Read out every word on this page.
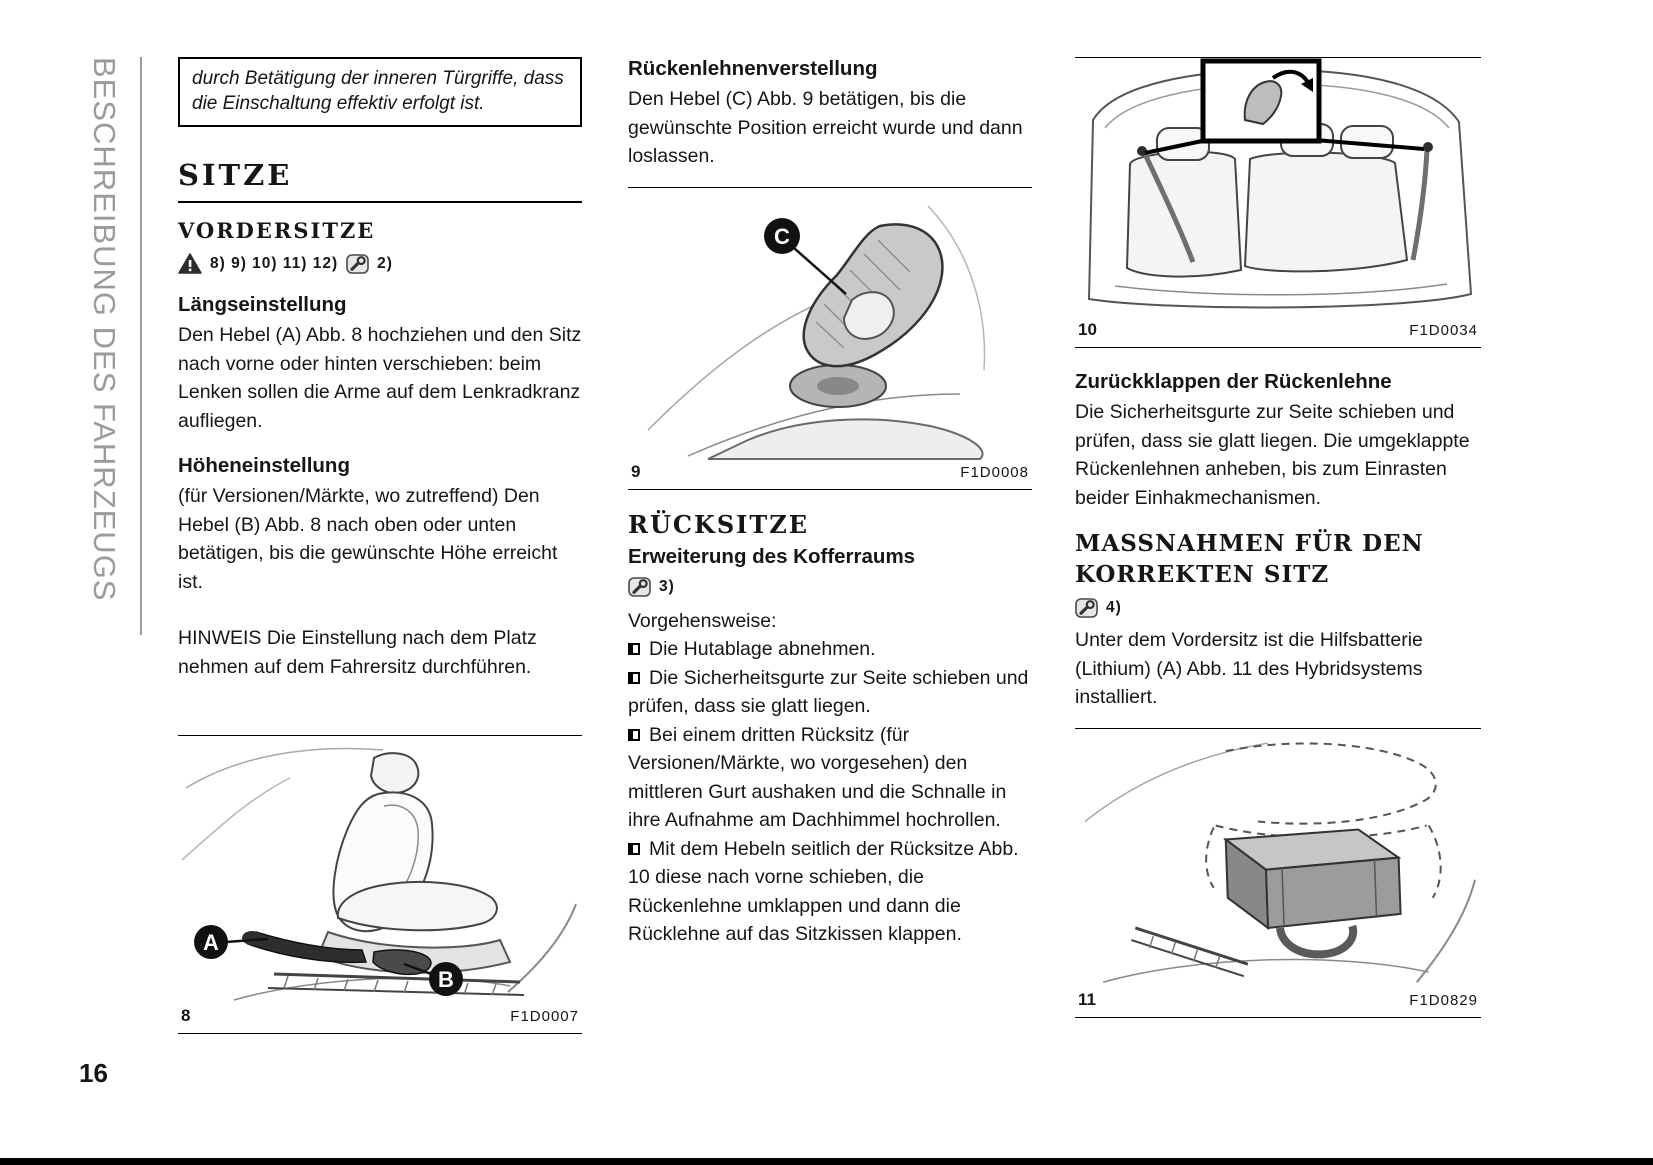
BESCHREIBUNG DES FAHRZEUGS	durch Betätigung der inneren Türgriffe, dass die Einschaltung effektiv erfolgt ist.
SITZE
VORDERSITZE
8) 9) 10) 11) 12)	2)
Längseinstellung

Den Hebel (A) Abb. 8 hochziehen und den Sitz nach vorne oder hinten verschieben: beim Lenken sollen die Arme auf dem Lenkradkranz aufliegen.

Höheneinstellung

(für Versionen/Märkte, wo zutreffend) Den Hebel (B) Abb. 8 nach oben oder unten betätigen, bis die gewünschte Höhe erreicht ist.

HINWEIS Die Einstellung nach dem Platz nehmen auf dem Fahrersitz durchführen.

A
B
8	F1D0007
Rückenlehnenverstellung

Den Hebel (C) Abb. 9 betätigen, bis die gewünschte Position erreicht wurde und dann loslassen.

C
9	F1D0008
RÜCKSITZE
Erweiterung des Kofferraums
3)

Vorgehensweise:

Die Hutablage abnehmen.

Die Sicherheitsgurte zur Seite schieben und prüfen, dass sie glatt liegen.

Bei einem dritten Rücksitz (für Versionen/Märkte, wo vorgesehen) den mittleren Gurt aushaken und die Schnalle in ihre Aufnahme am Dachhimmel hochrollen.

Mit dem Hebeln seitlich der Rücksitze Abb. 10 diese nach vorne schieben, die Rückenlehne umklappen und dann die Rücklehne auf das Sitzkissen klappen.

10	F1D0034
Zurückklappen der Rückenlehne

Die Sicherheitsgurte zur Seite schieben und prüfen, dass sie glatt liegen. Die umgeklappte Rückenlehnen anheben, bis zum Einrasten beider Einhakmechanismen.

MASSNAHMEN FÜR DEN KORREKTEN SITZ
4)

Unter dem Vordersitz ist die Hilfsbatterie (Lithium) (A) Abb. 11 des Hybridsystems installiert.

11	F1D0829
16
